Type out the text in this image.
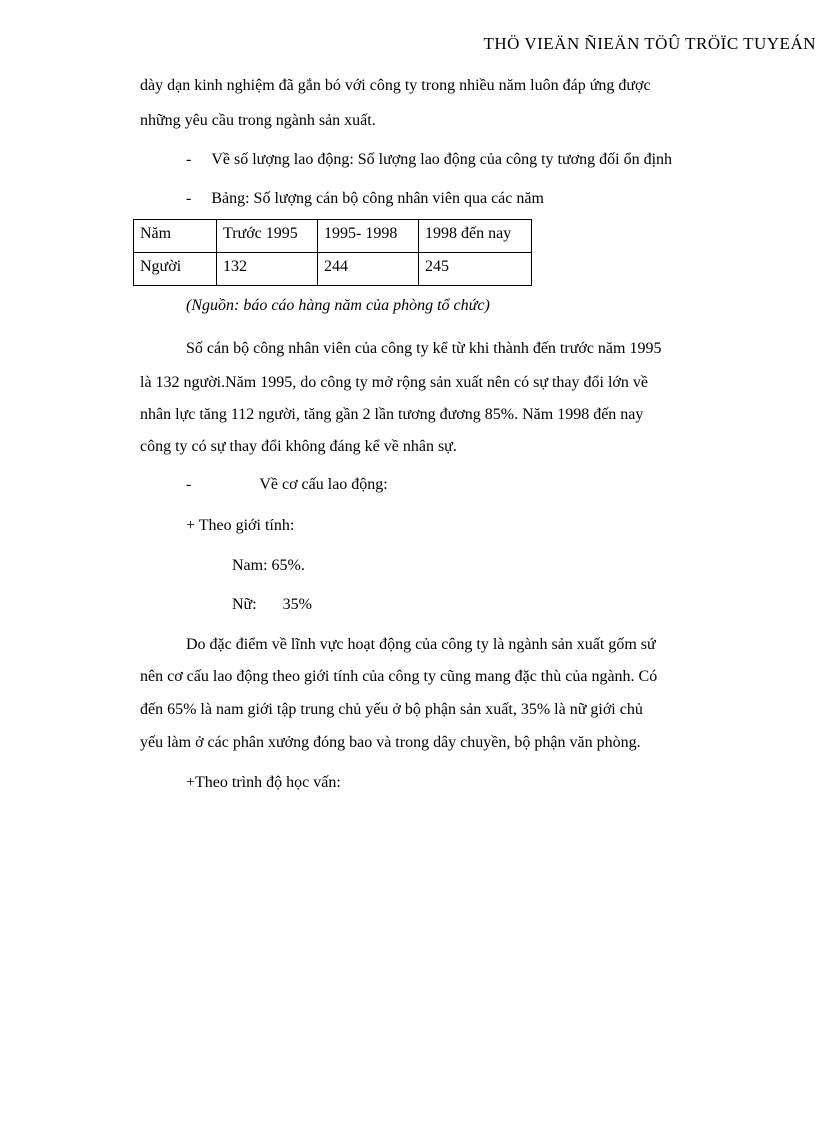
THÖ VIEÄN ÑIEÄN TÖÛ TRÖÏC TUYEÁN
dày dạn kinh nghiệm đã gắn bó với công ty trong nhiều năm luôn đáp ứng được
những yêu cầu trong ngành sản xuất.
- Về số lượng lao động: Số lượng lao động của công ty tương đối ổn định
- Bảng: Số lượng cán bộ công nhân viên qua các năm
Năm	Trước 1995	1995- 1998	1998 đến nay
Người	132	244	245
(Nguồn: báo cáo hàng năm của phòng tổ chức)
Số cán bộ công nhân viên của công ty kể từ khi thành đến trước năm 1995
là 132 người.Năm 1995, do công ty mở rộng sản xuất nên có sự thay đổi lớn về
nhân lực tăng 112 người, tăng gần 2 lần tương đương 85%. Năm 1998 đến nay
công ty có sự thay đổi không đáng kể về nhân sự.
-	Về cơ cấu lao động:
+ Theo giới tính:
Nam: 65%.
Nữ: 35%
Do đặc điểm về lĩnh vực hoạt động của công ty là ngành sản xuất gốm sứ
nên cơ cấu lao động theo giới tính của công ty cũng mang đặc thù của ngành. Có
đến 65% là nam giới tập trung chủ yếu ở bộ phận sản xuất, 35% là nữ giới chủ
yếu làm ở các phân xưởng đóng bao và trong dây chuyền, bộ phận văn phòng.
+Theo trình độ học vấn:
